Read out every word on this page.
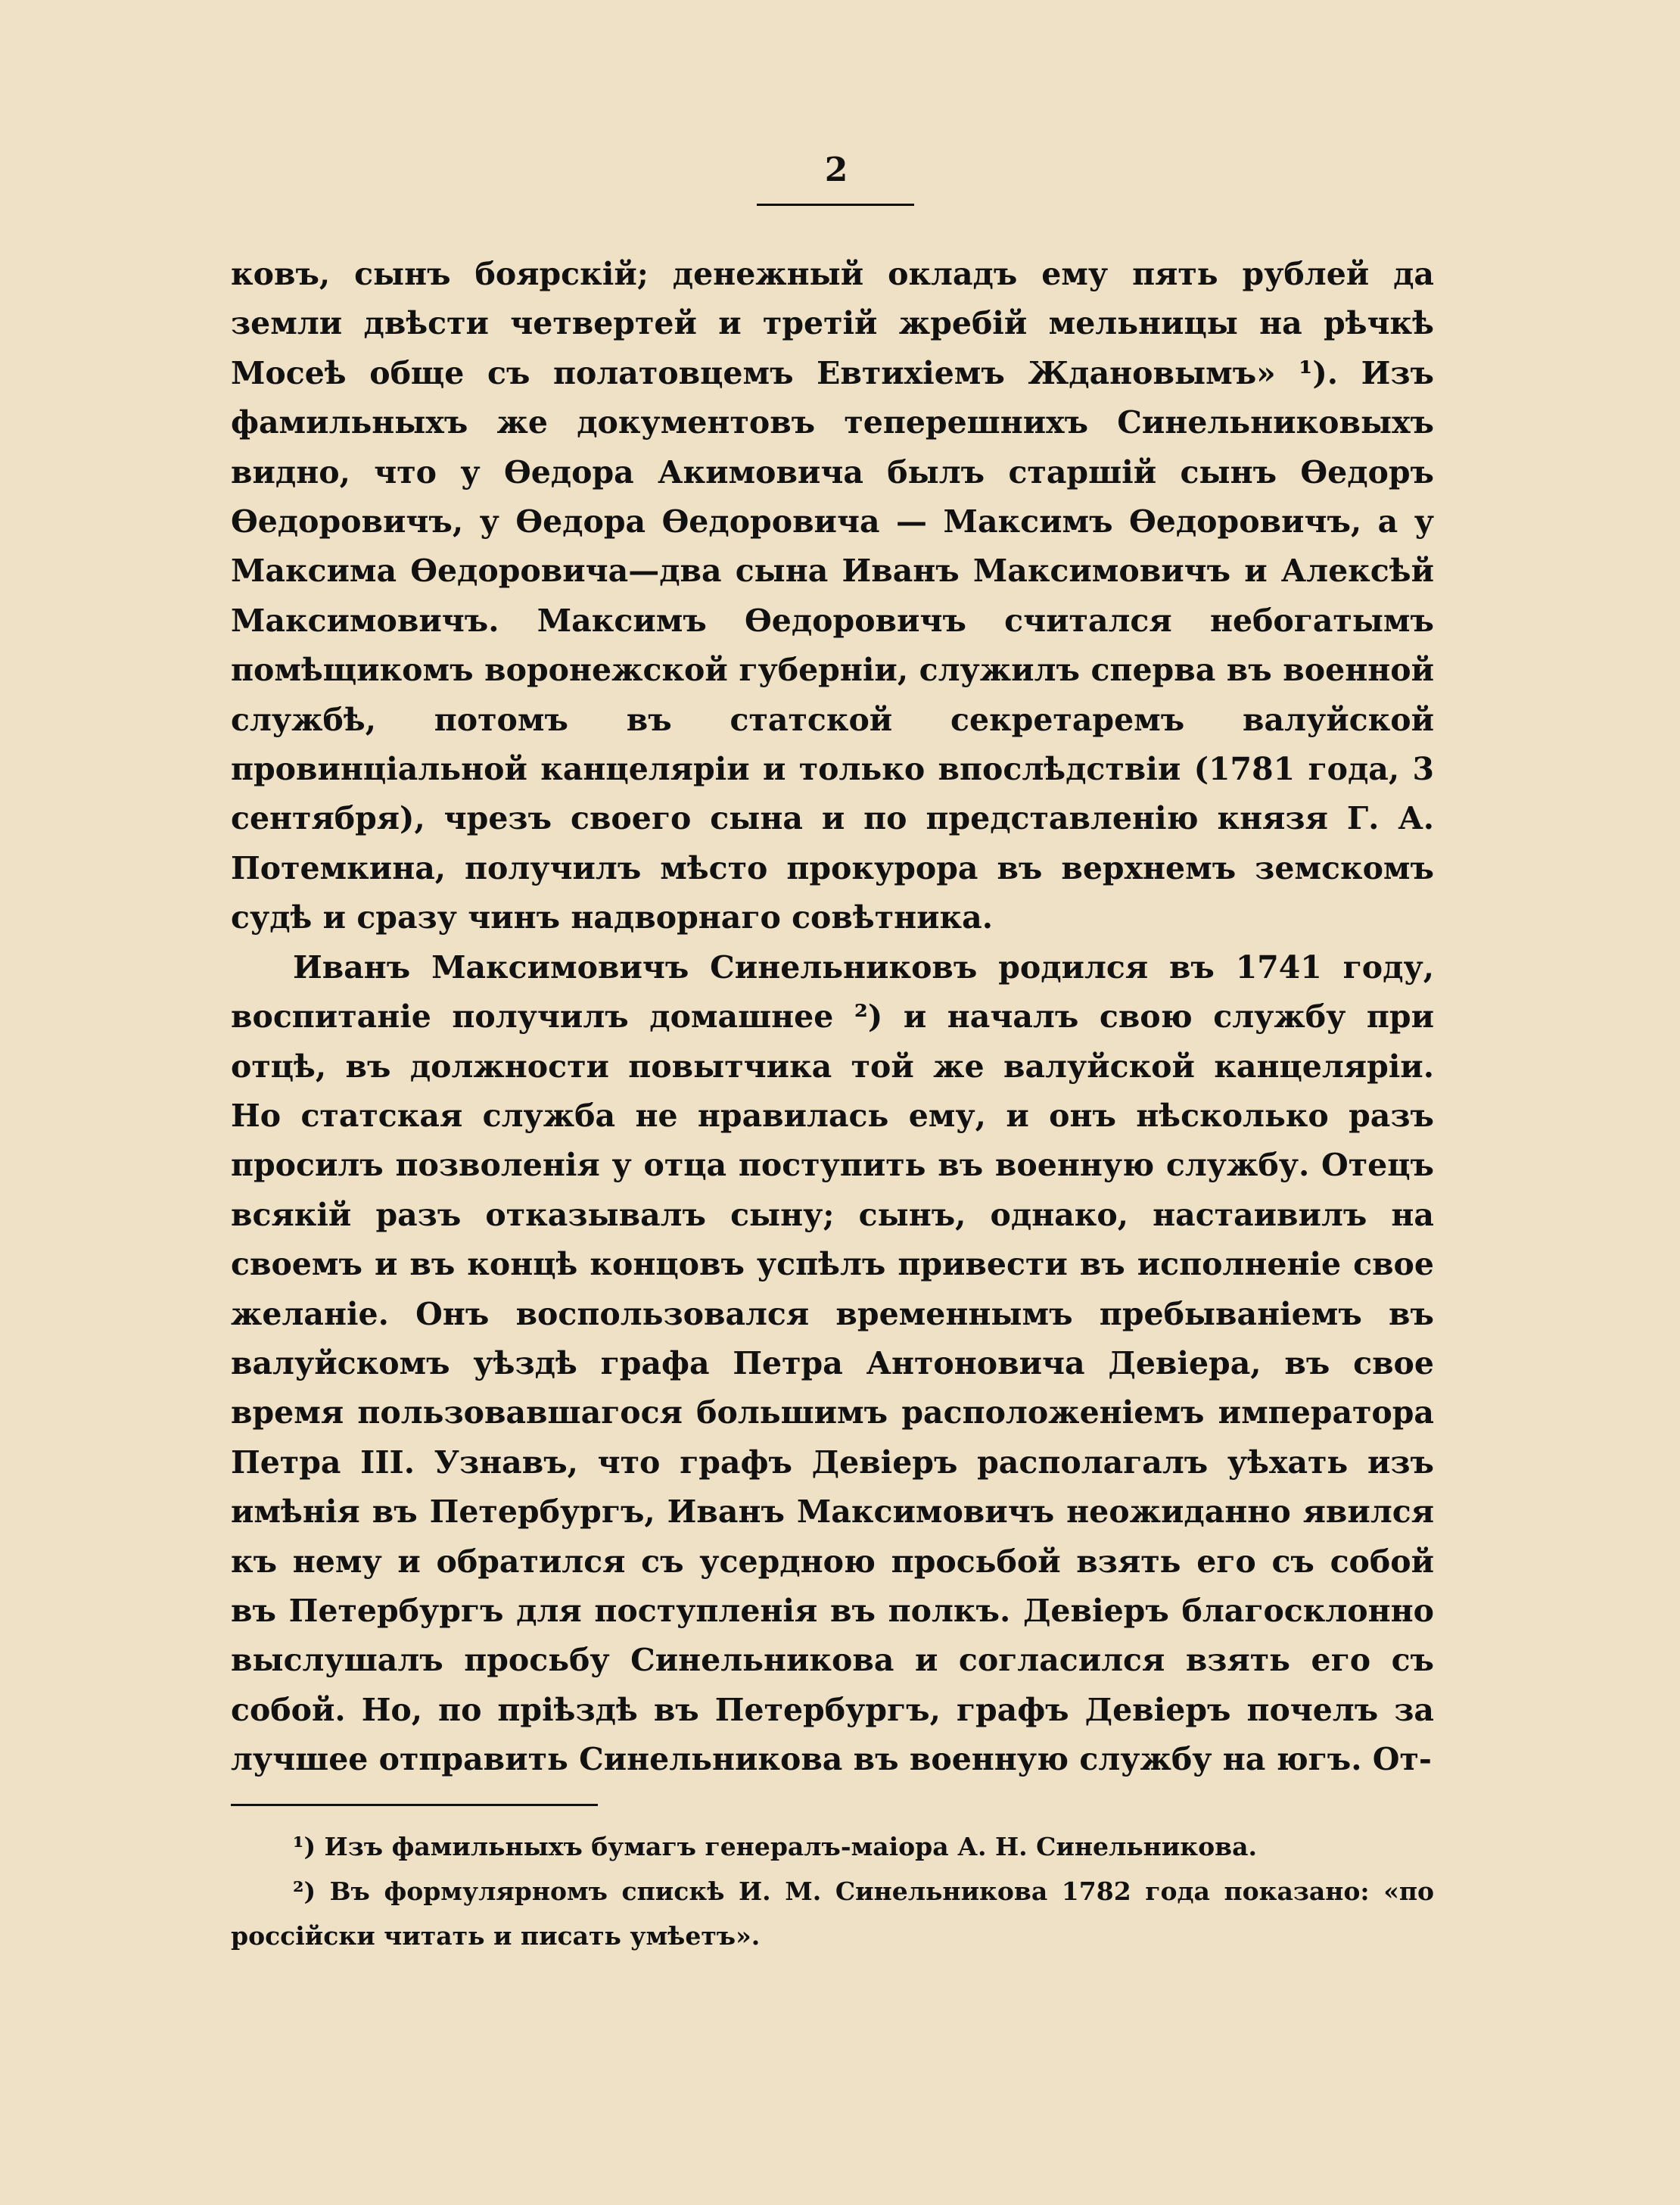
2

ковъ, сынъ боярскій; денежный окладъ ему пять рублей да земли двѣсти четвертей и третій жребій мельницы на рѣчкѣ Мосеѣ обще съ полатовцемъ Евтихіемъ Ждановымъ» ¹). Изъ фамильныхъ же документовъ теперешнихъ Синельниковыхъ видно, что у Ѳедора Акимовича былъ старшій сынъ Ѳедоръ Ѳедоровичъ, у Ѳедора Ѳедоровича — Максимъ Ѳедоровичъ, а у Максима Ѳедоровича—два сына Иванъ Максимовичъ и Алексѣй Максимовичъ. Максимъ Ѳедоровичъ считался небогатымъ помѣщикомъ воронежской губерніи, служилъ сперва въ военной службѣ, потомъ въ статской секретаремъ валуйской провинціальной канцеляріи и только впослѣдствіи (1781 года, 3 сентября), чрезъ своего сына и по представленію князя Г. А. Потемкина, получилъ мѣсто прокурора въ верхнемъ земскомъ судѣ и сразу чинъ надворнаго совѣтника.

Иванъ Максимовичъ Синельниковъ родился въ 1741 году, воспитаніе получилъ домашнее ²) и началъ свою службу при отцѣ, въ должности повытчика той же валуйской канцеляріи. Но статская служба не нравилась ему, и онъ нѣсколько разъ просилъ позволенія у отца поступить въ военную службу. Отецъ всякій разъ отказывалъ сыну; сынъ, однако, настаивилъ на своемъ и въ концѣ концовъ успѣлъ привести въ исполненіе свое желаніе. Онъ воспользовался временнымъ пребываніемъ въ валуйскомъ уѣздѣ графа Петра Антоновича Девіера, въ свое время пользовавшагося большимъ расположеніемъ императора Петра III. Узнавъ, что графъ Девіеръ располагалъ уѣхать изъ имѣнія въ Петербургъ, Иванъ Максимовичъ неожиданно явился къ нему и обратился съ усердною просьбой взять его съ собой въ Петербургъ для поступленія въ полкъ. Девіеръ благосклонно выслушалъ просьбу Синельникова и согласился взять его съ собой. Но, по пріѣздѣ въ Петербургъ, графъ Девіеръ почелъ за лучшее отправить Синельникова въ военную службу на югъ. От-

¹) Изъ фамильныхъ бумагъ генералъ-маіора А. Н. Синельникова.

²) Въ формулярномъ спискѣ И. М. Синельникова 1782 года показано: «по россійски читать и писать умѣетъ».
